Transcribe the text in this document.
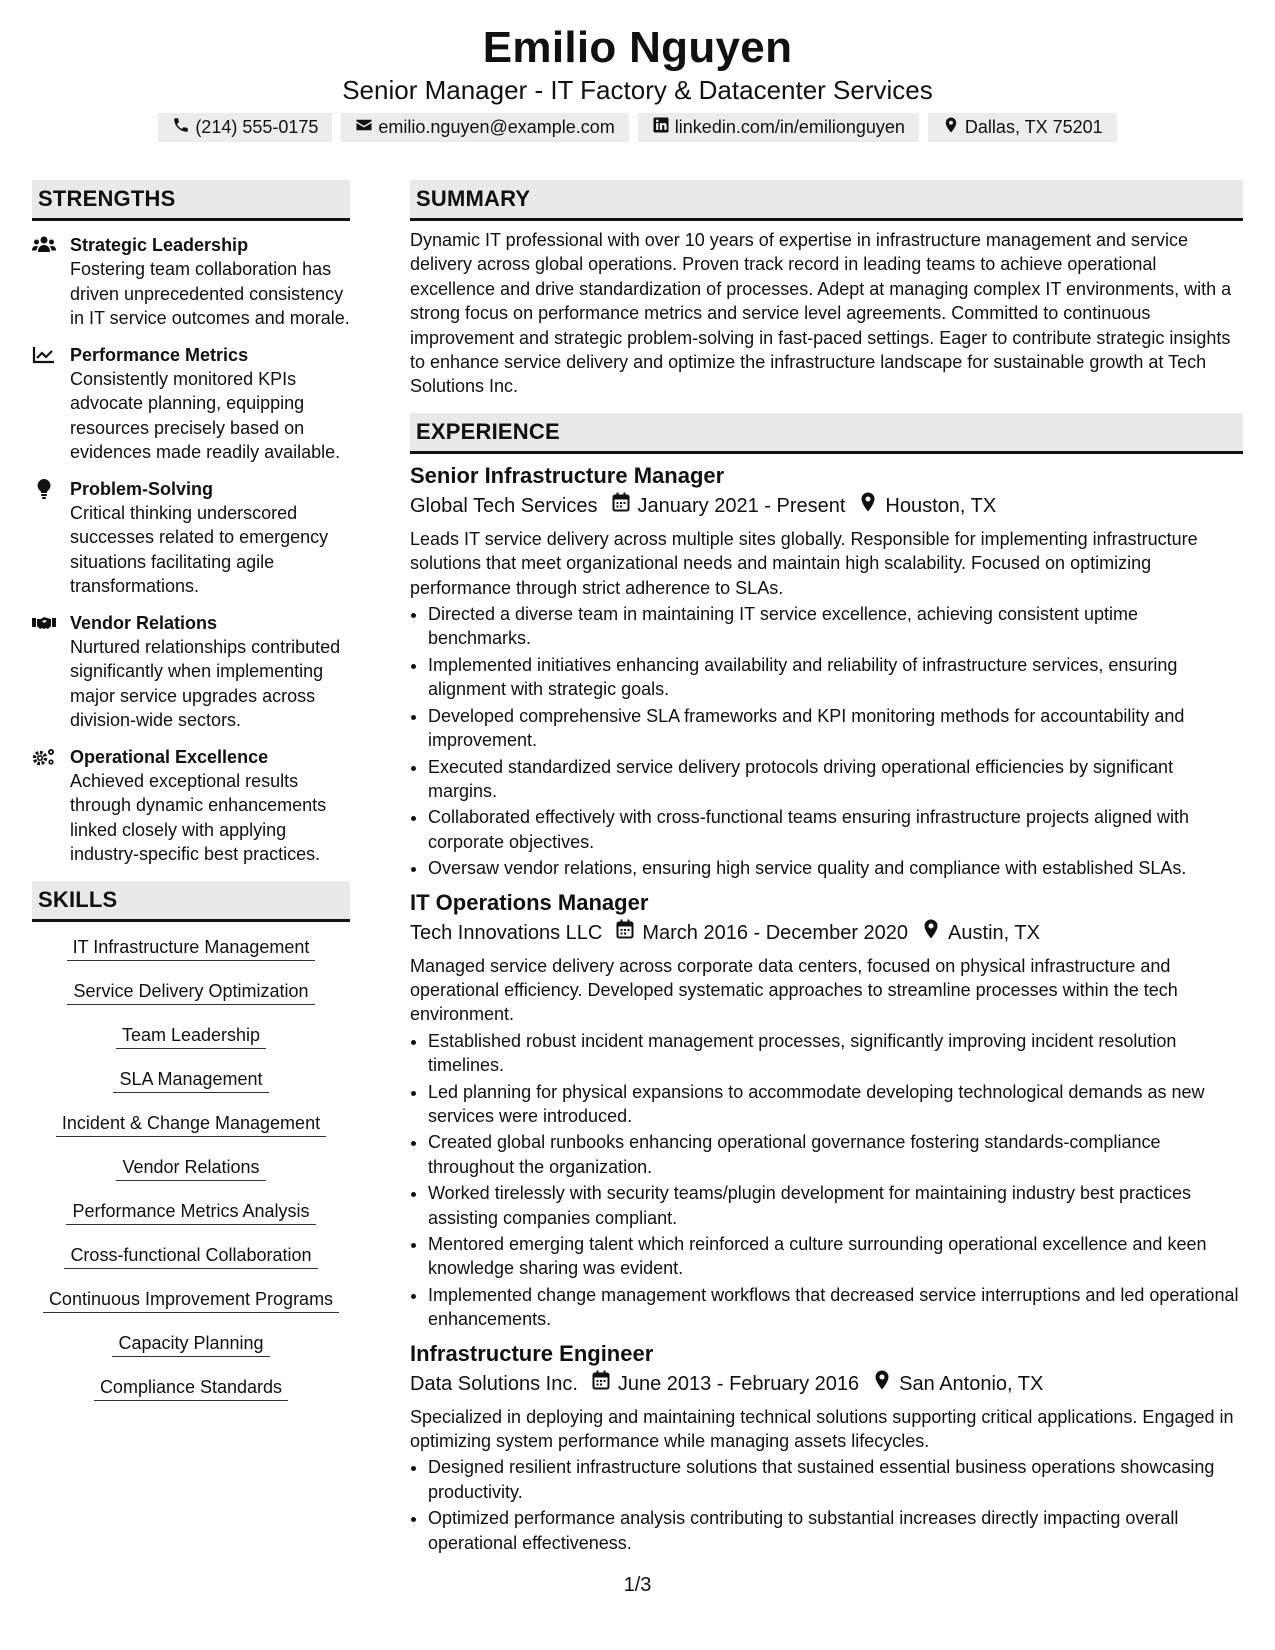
Emilio Nguyen
Senior Manager - IT Factory & Datacenter Services
(214) 555-0175	emilio.nguyen@example.com	linkedin.com/in/emilionguyen	Dallas, TX 75201
STRENGTHS
Strategic Leadership
Fostering team collaboration has driven unprecedented consistency in IT service outcomes and morale.
Performance Metrics
Consistently monitored KPIs advocate planning, equipping resources precisely based on evidences made readily available.
Problem-Solving
Critical thinking underscored successes related to emergency situations facilitating agile transformations.
Vendor Relations
Nurtured relationships contributed significantly when implementing major service upgrades across division-wide sectors.
Operational Excellence
Achieved exceptional results through dynamic enhancements linked closely with applying industry-specific best practices.
SKILLS
IT Infrastructure Management
Service Delivery Optimization
Team Leadership
SLA Management
Incident & Change Management
Vendor Relations
Performance Metrics Analysis
Cross-functional Collaboration
Continuous Improvement Programs
Capacity Planning
Compliance Standards
SUMMARY
Dynamic IT professional with over 10 years of expertise in infrastructure management and service delivery across global operations. Proven track record in leading teams to achieve operational excellence and drive standardization of processes. Adept at managing complex IT environments, with a strong focus on performance metrics and service level agreements. Committed to continuous improvement and strategic problem-solving in fast-paced settings. Eager to contribute strategic insights to enhance service delivery and optimize the infrastructure landscape for sustainable growth at Tech Solutions Inc.
EXPERIENCE
Senior Infrastructure Manager
Global Tech Services January 2021 - Present Houston, TX
Leads IT service delivery across multiple sites globally. Responsible for implementing infrastructure solutions that meet organizational needs and maintain high scalability. Focused on optimizing performance through strict adherence to SLAs.
• Directed a diverse team in maintaining IT service excellence, achieving consistent uptime benchmarks.
• Implemented initiatives enhancing availability and reliability of infrastructure services, ensuring alignment with strategic goals.
• Developed comprehensive SLA frameworks and KPI monitoring methods for accountability and improvement.
• Executed standardized service delivery protocols driving operational efficiencies by significant margins.
• Collaborated effectively with cross-functional teams ensuring infrastructure projects aligned with corporate objectives.
• Oversaw vendor relations, ensuring high service quality and compliance with established SLAs.
IT Operations Manager
Tech Innovations LLC March 2016 - December 2020 Austin, TX
Managed service delivery across corporate data centers, focused on physical infrastructure and operational efficiency. Developed systematic approaches to streamline processes within the tech environment.
• Established robust incident management processes, significantly improving incident resolution timelines.
• Led planning for physical expansions to accommodate developing technological demands as new services were introduced.
• Created global runbooks enhancing operational governance fostering standards-compliance throughout the organization.
• Worked tirelessly with security teams/plugin development for maintaining industry best practices assisting companies compliant.
• Mentored emerging talent which reinforced a culture surrounding operational excellence and keen knowledge sharing was evident.
• Implemented change management workflows that decreased service interruptions and led operational enhancements.
Infrastructure Engineer
Data Solutions Inc. June 2013 - February 2016 San Antonio, TX
Specialized in deploying and maintaining technical solutions supporting critical applications. Engaged in optimizing system performance while managing assets lifecycles.
• Designed resilient infrastructure solutions that sustained essential business operations showcasing productivity.
• Optimized performance analysis contributing to substantial increases directly impacting overall operational effectiveness.
1/3
